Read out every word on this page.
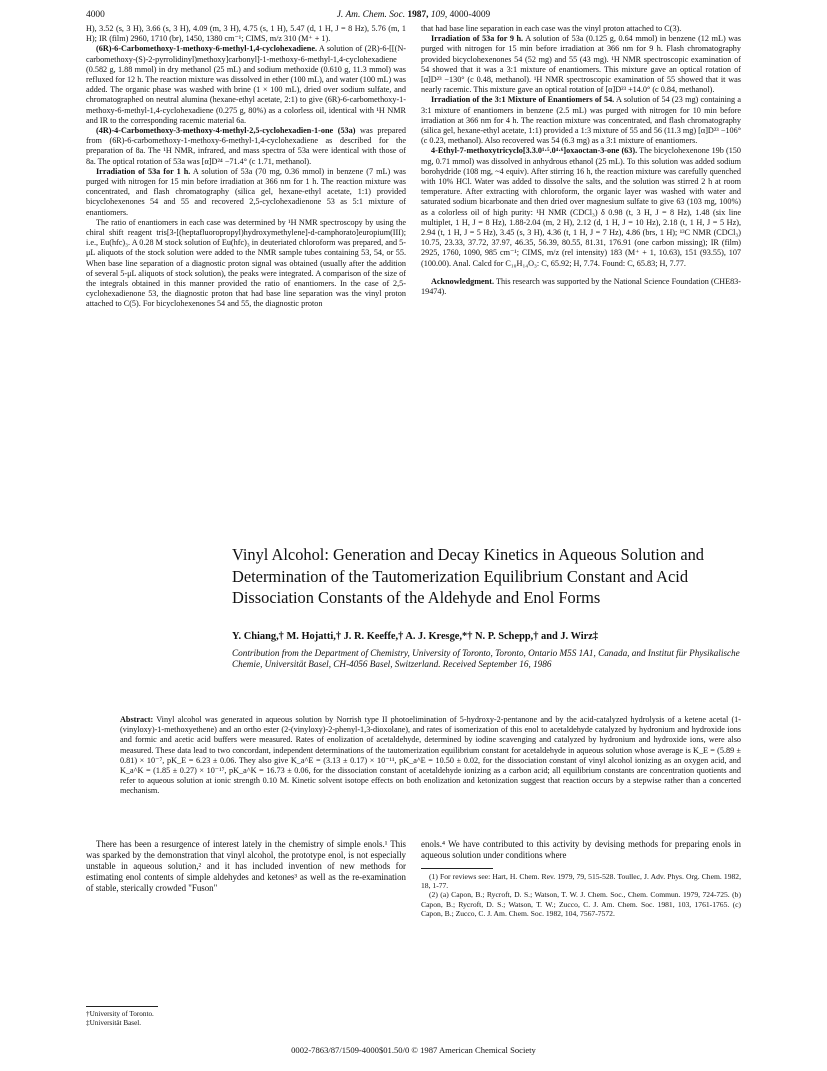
4000	J. Am. Chem. Soc. 1987, 109, 4000-4009

H), 3.52 (s, 3 H), 3.66 (s, 3 H), 4.09 (m, 3 H), 4.75 (s, 1 H), 5.47 (d, 1 H, J = 8 Hz), 5.76 (m, 1 H); IR (film) 2960, 1710 (br), 1450, 1380 cm⁻¹; CIMS, m/z 310 (M⁺ + 1).

(6R)-6-Carbomethoxy-1-methoxy-6-methyl-1,4-cyclohexadiene. A solution of (2R)-6-[[(N-carbomethoxy-(S)-2-pyrrolidinyl)methoxy]carbonyl]-1-methoxy-6-methyl-1,4-cyclohexadiene (0.582 g, 1.88 mmol) in dry methanol (25 mL) and sodium methoxide (0.610 g, 11.3 mmol) was refluxed for 12 h. The reaction mixture was dissolved in ether (100 mL), and water (100 mL) was added. The organic phase was washed with brine (1 × 100 mL), dried over sodium sulfate, and chromatographed on neutral alumina (hexane-ethyl acetate, 2:1) to give (6R)-6-carbomethoxy-1-methoxy-6-methyl-1,4-cyclohexadiene (0.275 g, 80%) as a colorless oil, identical with ¹H NMR and IR to the corresponding racemic material 6a.

(4R)-4-Carbomethoxy-3-methoxy-4-methyl-2,5-cyclohexadien-1-one (53a) was prepared from (6R)-6-carbomethoxy-1-methoxy-6-methyl-1,4-cyclohexadiene as described for the preparation of 8a. The ¹H NMR, infrared, and mass spectra of 53a were identical with those of 8a. The optical rotation of 53a was [α]D²⁴ −71.4° (c 1.71, methanol).

Irradiation of 53a for 1 h. A solution of 53a (70 mg, 0.36 mmol) in benzene (7 mL) was purged with nitrogen for 15 min before irradiation at 366 nm for 1 h. The reaction mixture was concentrated, and flash chromatography (silica gel, hexane-ethyl acetate, 1:1) provided bicyclohexenones 54 and 55 and recovered 2,5-cyclohexadienone 53 as 5:1 mixture of enantiomers.

The ratio of enantiomers in each case was determined by ¹H NMR spectroscopy by using the chiral shift reagent tris[3-[(heptafluoropropyl)hydroxymethylene]-d-camphorato]europium(III); i.e., Eu(hfc)₃. A 0.28 M stock solution of Eu(hfc)₃ in deuteriated chloroform was prepared, and 5-μL aliquots of the stock solution were added to the NMR sample tubes containing 53, 54, or 55. When base line separation of a diagnostic proton signal was obtained (usually after the addition of several 5-μL aliquots of stock solution), the peaks were integrated. A comparison of the size of the integrals obtained in this manner provided the ratio of enantiomers. In the case of 2,5-cyclohexadienone 53, the diagnostic proton that had base line separation was the vinyl proton attached to C(5). For bicyclohexenones 54 and 55, the diagnostic proton

that had base line separation in each case was the vinyl proton attached to C(3).

Irradiation of 53a for 9 h. A solution of 53a (0.125 g, 0.64 mmol) in benzene (12 mL) was purged with nitrogen for 15 min before irradiation at 366 nm for 9 h. Flash chromatography provided bicyclohexenones 54 (52 mg) and 55 (43 mg). ¹H NMR spectroscopic examination of 54 showed that it was a 3:1 mixture of enantiomers. This mixture gave an optical rotation of [α]D²³ −130° (c 0.48, methanol). ¹H NMR spectroscopic examination of 55 showed that it was nearly racemic. This mixture gave an optical rotation of [α]D²³ +14.0° (c 0.84, methanol).

Irradiation of the 3:1 Mixture of Enantiomers of 54. A solution of 54 (23 mg) containing a 3:1 mixture of enantiomers in benzene (2.5 mL) was purged with nitrogen for 10 min before irradiation at 366 nm for 4 h. The reaction mixture was concentrated, and flash chromatography (silica gel, hexane-ethyl acetate, 1:1) provided a 1:3 mixture of 55 and 56 (11.3 mg) [α]D²³ −106° (c 0.23, methanol). Also recovered was 54 (6.3 mg) as a 3:1 mixture of enantiomers.

4-Ethyl-7-methoxytricyclo[3.3.0¹·⁵.0⁴·⁶]oxaoctan-3-one (63). The bicyclohexenone 19b (150 mg, 0.71 mmol) was dissolved in anhydrous ethanol (25 mL). To this solution was added sodium borohydride (108 mg, ~4 equiv). After stirring 16 h, the reaction mixture was carefully quenched with 10% HCl. Water was added to dissolve the salts, and the solution was stirred 2 h at room temperature. After extracting with chloroform, the organic layer was washed with water and saturated sodium bicarbonate and then dried over magnesium sulfate to give 63 (103 mg, 100%) as a colorless oil of high purity: ¹H NMR (CDCl₃) δ 0.98 (t, 3 H, J = 8 Hz), 1.48 (six line multiplet, 1 H, J = 8 Hz), 1.88-2.04 (m, 2 H), 2.12 (d, 1 H, J = 10 Hz), 2.18 (t, 1 H, J = 5 Hz), 2.94 (t, 1 H, J = 5 Hz), 3.45 (s, 3 H), 4.36 (t, 1 H, J = 7 Hz), 4.86 (brs, 1 H); ¹³C NMR (CDCl₃) 10.75, 23.33, 37.72, 37.97, 46.35, 56.39, 80.55, 81.31, 176.91 (one carbon missing); IR (film) 2925, 1760, 1090, 985 cm⁻¹; CIMS, m/z (rel intensity) 183 (M⁺ + 1, 10.63), 151 (93.55), 107 (100.00). Anal. Calcd for C₁₀H₁₄O₃: C, 65.92; H, 7.74. Found: C, 65.83; H, 7.77.

Acknowledgment. This research was supported by the National Science Foundation (CHE83-19474).

Vinyl Alcohol: Generation and Decay Kinetics in Aqueous Solution and Determination of the Tautomerization Equilibrium Constant and Acid Dissociation Constants of the Aldehyde and Enol Forms
Y. Chiang,† M. Hojatti,† J. R. Keeffe,† A. J. Kresge,*† N. P. Schepp,† and J. Wirz‡
Contribution from the Department of Chemistry, University of Toronto, Toronto, Ontario M5S 1A1, Canada, and Institut für Physikalische Chemie, Universität Basel, CH-4056 Basel, Switzerland. Received September 16, 1986
Abstract: Vinyl alcohol was generated in aqueous solution by Norrish type II photoelimination of 5-hydroxy-2-pentanone and by the acid-catalyzed hydrolysis of a ketene acetal (1-(vinyloxy)-1-methoxyethene) and an ortho ester (2-(vinyloxy)-2-phenyl-1,3-dioxolane), and rates of isomerization of this enol to acetaldehyde catalyzed by hydronium and hydroxide ions and formic and acetic acid buffers were measured. Rates of enolization of acetaldehyde, determined by iodine scavenging and catalyzed by hydronium and hydroxide ions, were also measured. These data lead to two concordant, independent determinations of the tautomerization equilibrium constant for acetaldehyde in aqueous solution whose average is K_E = (5.89 ± 0.81) × 10⁻⁷, pK_E = 6.23 ± 0.06. They also give K_a^E = (3.13 ± 0.17) × 10⁻¹¹, pK_a^E = 10.50 ± 0.02, for the dissociation constant of vinyl alcohol ionizing as an oxygen acid, and K_a^K = (1.85 ± 0.27) × 10⁻¹⁷, pK_a^K = 16.73 ± 0.06, for the dissociation constant of acetaldehyde ionizing as a carbon acid; all equilibrium constants are concentration quotients and refer to aqueous solution at ionic strength 0.10 M. Kinetic solvent isotope effects on both enolization and ketonization suggest that reaction occurs by a stepwise rather than a concerted mechanism.

There has been a resurgence of interest lately in the chemistry of simple enols.¹ This was sparked by the demonstration that vinyl alcohol, the prototype enol, is not especially unstable in aqueous solution,² and it has included invention of new methods for estimating enol contents of simple aldehydes and ketones³ as well as the re-examination of stable, sterically crowded "Fuson"

enols.⁴ We have contributed to this activity by devising methods for preparing enols in aqueous solution under conditions where

†University of Toronto.
‡Universität Basel.

(1) For reviews see: Hart, H. Chem. Rev. 1979, 79, 515-528. Toullec, J. Adv. Phys. Org. Chem. 1982, 18, 1-77.

(2) (a) Capon, B.; Rycroft, D. S.; Watson, T. W. J. Chem. Soc., Chem. Commun. 1979, 724-725. (b) Capon, B.; Rycroft, D. S.; Watson, T. W.; Zucco, C. J. Am. Chem. Soc. 1981, 103, 1761-1765. (c) Capon, B.; Zucco, C. J. Am. Chem. Soc. 1982, 104, 7567-7572.

0002-7863/87/1509-4000$01.50/0 © 1987 American Chemical Society
